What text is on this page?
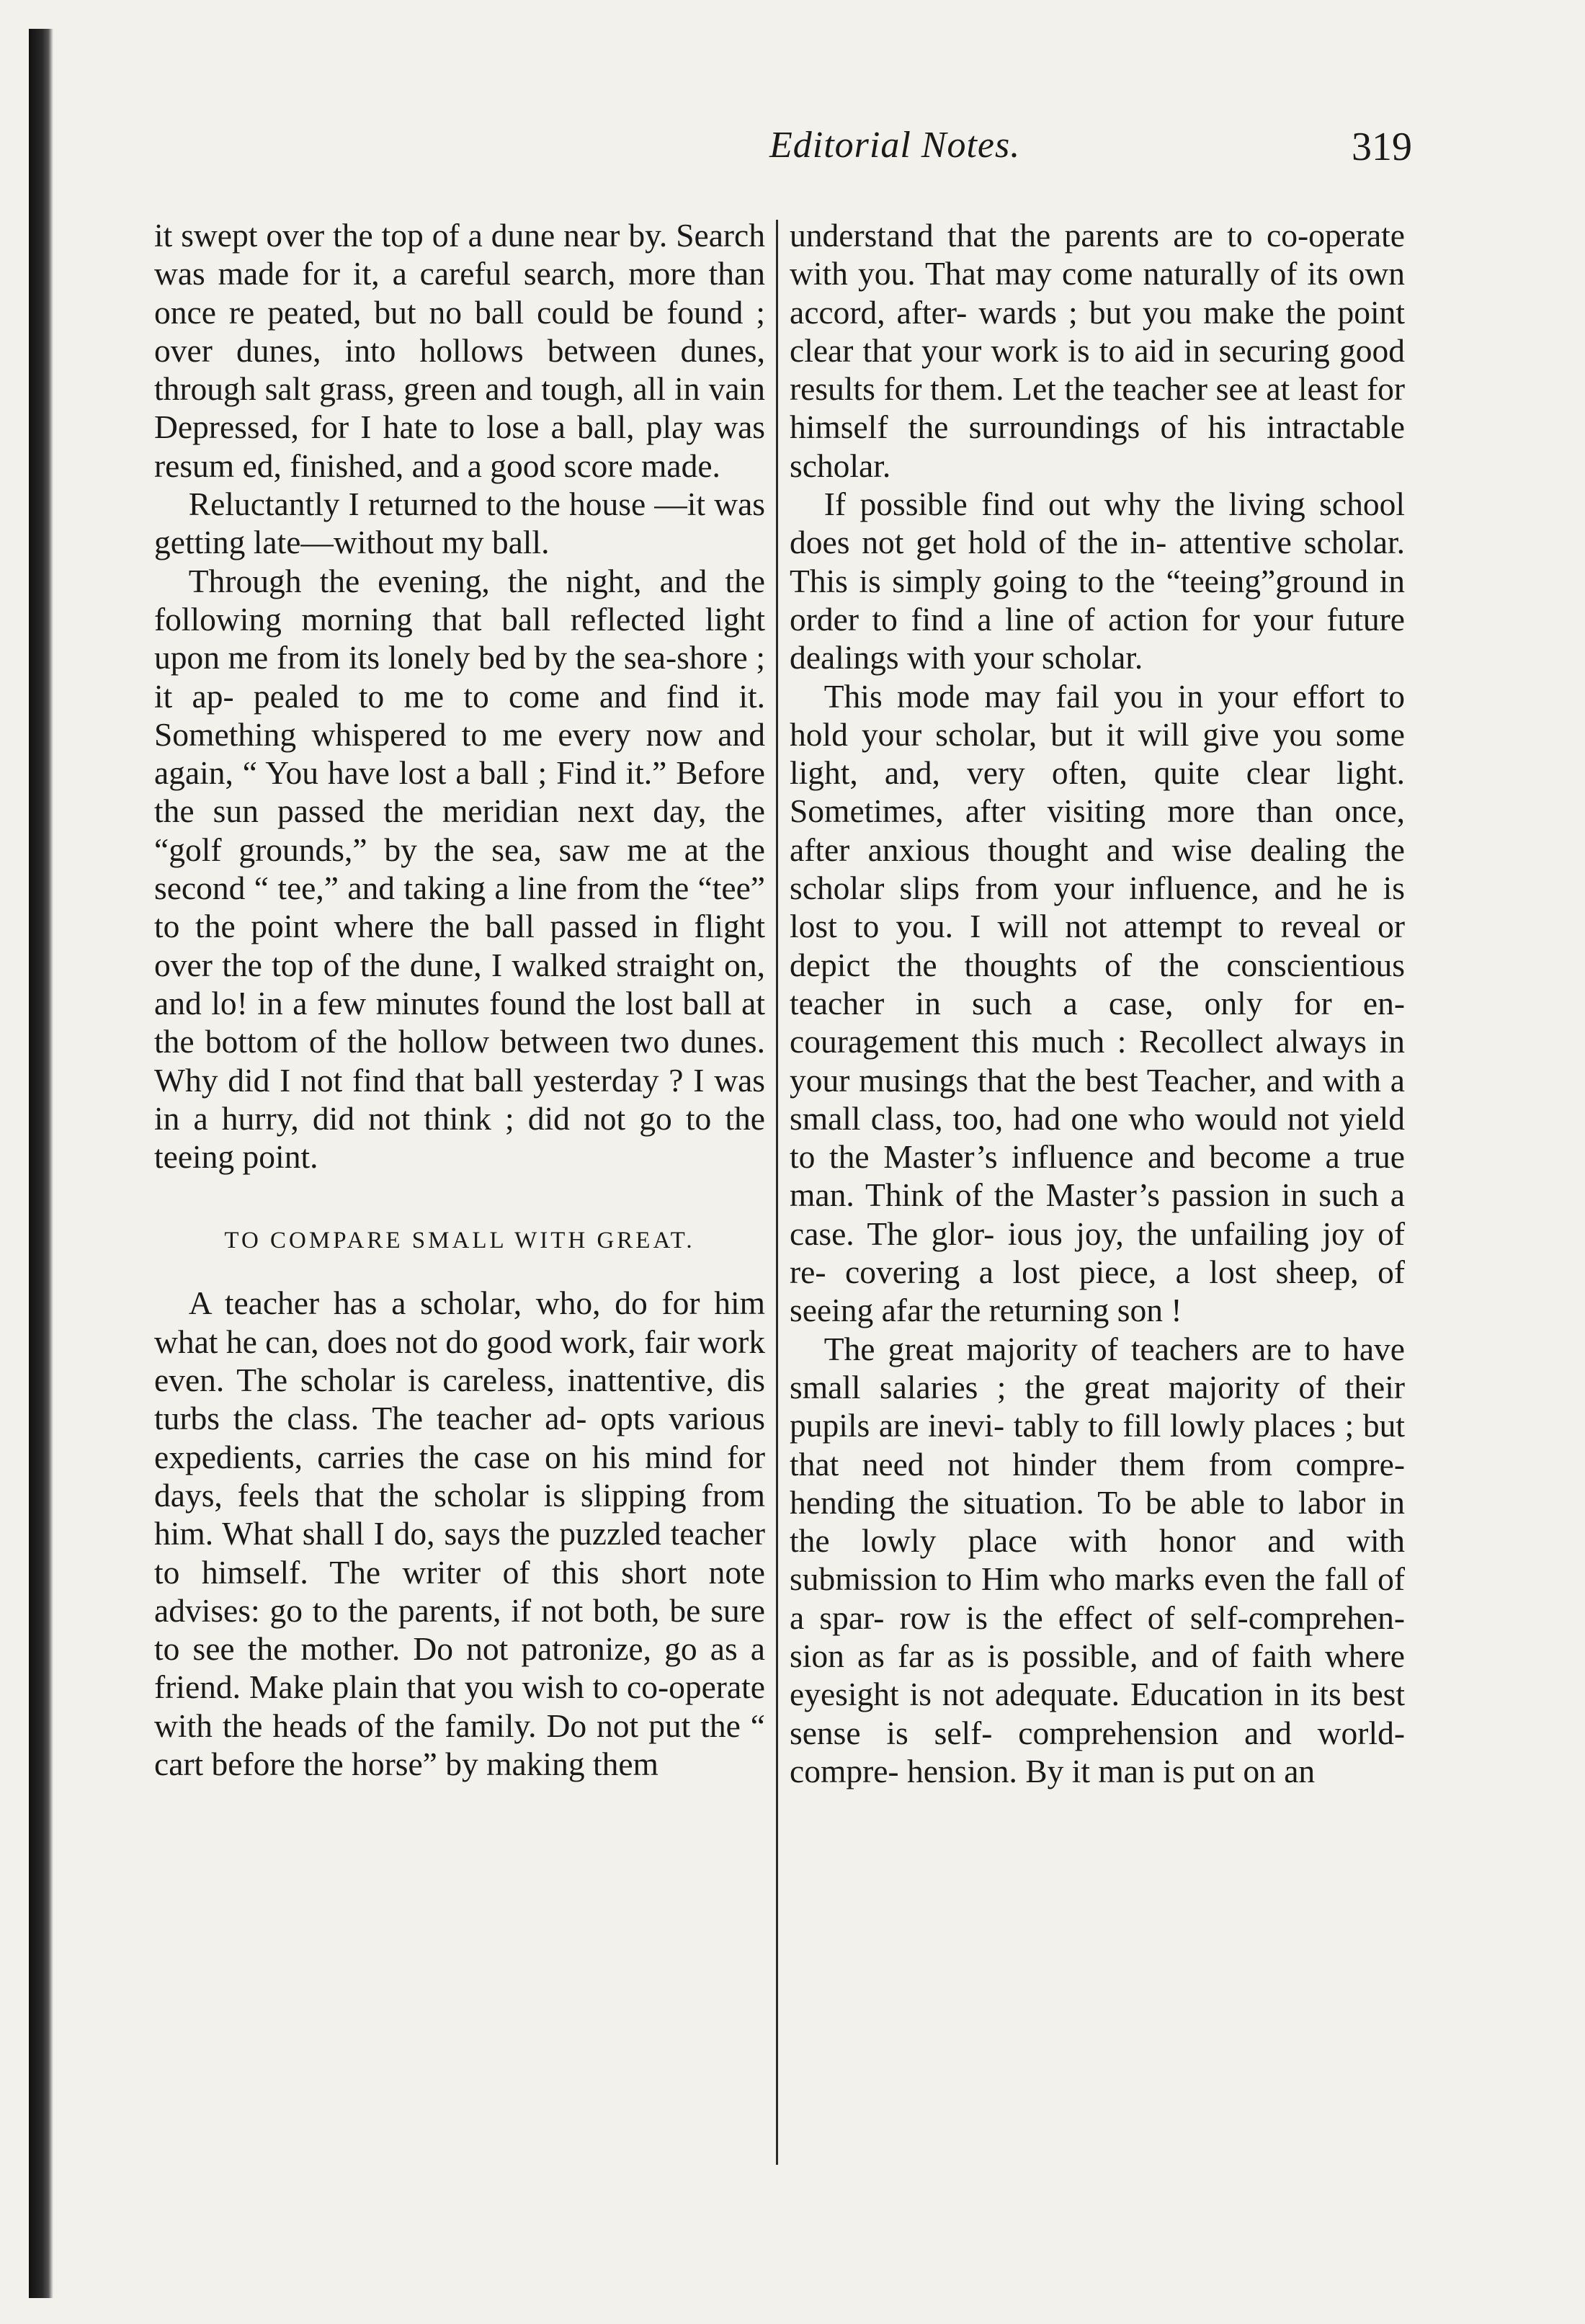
Editorial Notes.	319

it swept over the top of a dune near by. Search was made for it, a careful search, more than once re peated, but no ball could be found ; over dunes, into hollows between dunes, through salt grass, green and tough, all in vain Depressed, for I hate to lose a ball, play was resum ed, finished, and a good score made.

Reluctantly I returned to the house —it was getting late—without my ball.

Through the evening, the night, and the following morning that ball reflected light upon me from its lonely bed by the sea-shore ; it ap- pealed to me to come and find it. Something whispered to me every now and again, “ You have lost a ball ; Find it.” Before the sun passed the meridian next day, the “golf grounds,” by the sea, saw me at the second “ tee,” and taking a line from the “tee” to the point where the ball passed in flight over the top of the dune, I walked straight on, and lo! in a few minutes found the lost ball at the bottom of the hollow between two dunes. Why did I not find that ball yesterday ? I was in a hurry, did not think ; did not go to the teeing point.

TO COMPARE SMALL WITH GREAT.

A teacher has a scholar, who, do for him what he can, does not do good work, fair work even. The scholar is careless, inattentive, dis turbs the class. The teacher ad- opts various expedients, carries the case on his mind for days, feels that the scholar is slipping from him. What shall I do, says the puzzled teacher to himself. The writer of this short note advises: go to the parents, if not both, be sure to see the mother. Do not patronize, go as a friend. Make plain that you wish to co-operate with the heads of the family. Do not put the “ cart before the horse” by making them

understand that the parents are to co-operate with you. That may come naturally of its own accord, after- wards ; but you make the point clear that your work is to aid in securing good results for them. Let the teacher see at least for himself the surroundings of his intractable scholar.

If possible find out why the living school does not get hold of the in- attentive scholar. This is simply going to the “teeing”ground in order to find a line of action for your future dealings with your scholar.

This mode may fail you in your effort to hold your scholar, but it will give you some light, and, very often, quite clear light. Sometimes, after visiting more than once, after anxious thought and wise dealing the scholar slips from your influence, and he is lost to you. I will not attempt to reveal or depict the thoughts of the conscientious teacher in such a case, only for en- couragement this much : Recollect always in your musings that the best Teacher, and with a small class, too, had one who would not yield to the Master’s influence and become a true man. Think of the Master’s passion in such a case. The glor- ious joy, the unfailing joy of re- covering a lost piece, a lost sheep, of seeing afar the returning son !

The great majority of teachers are to have small salaries ; the great majority of their pupils are inevi- tably to fill lowly places ; but that need not hinder them from compre- hending the situation. To be able to labor in the lowly place with honor and with submission to Him who marks even the fall of a spar- row is the effect of self-comprehen- sion as far as is possible, and of faith where eyesight is not adequate. Education in its best sense is self- comprehension and world-compre- hension. By it man is put on an
